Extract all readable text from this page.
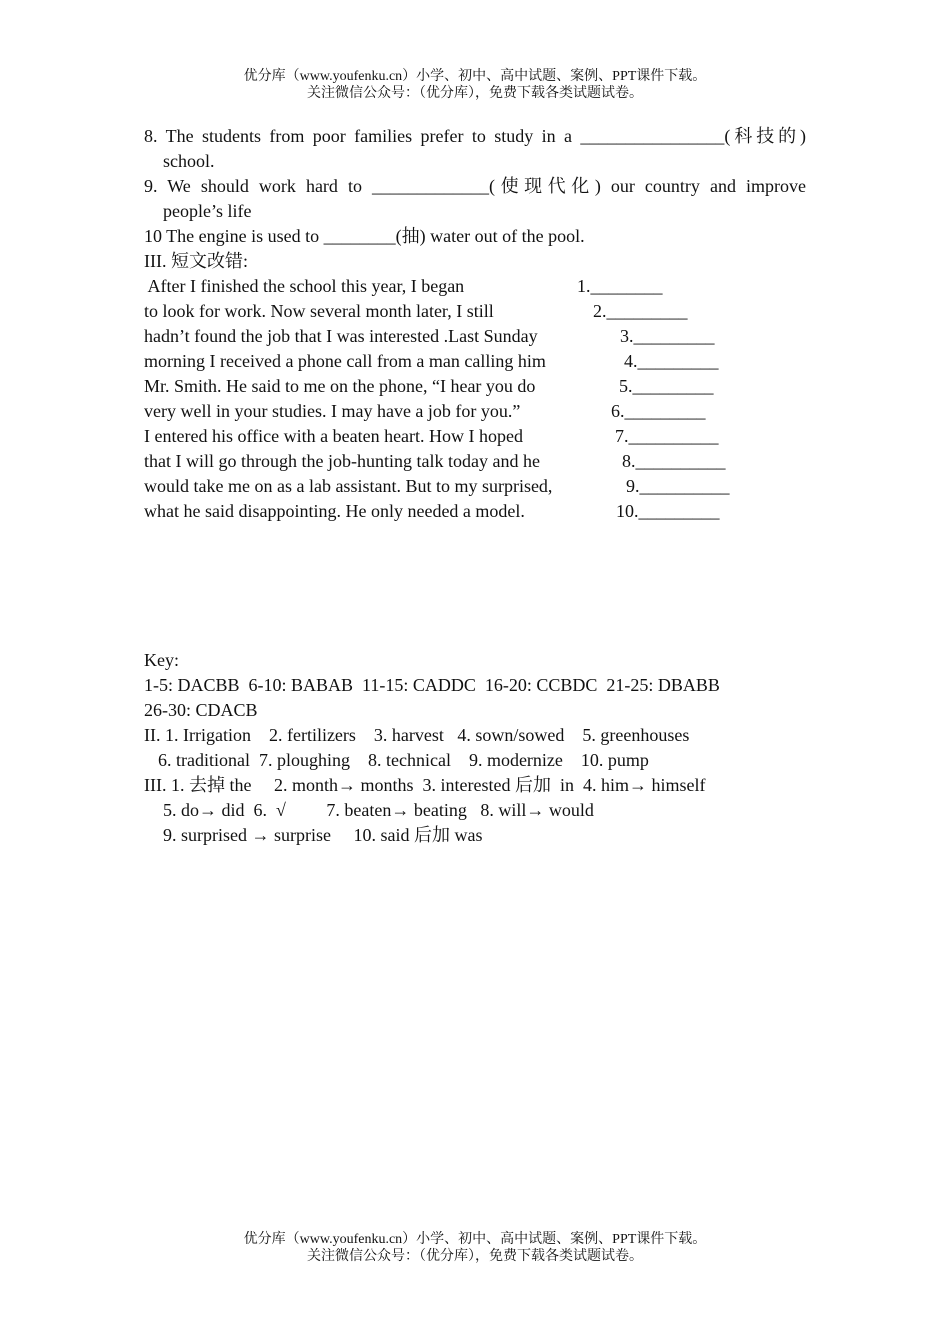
优分库（www.youfenku.cn）小学、初中、高中试题、案例、PPT课件下载。
关注微信公众号：（优分库），免费下载各类试题试卷。
8. The students from poor families prefer to study in a ________________(科技的)
school.
9. We should work hard to _____________(使现代化) our country and improve
people’s life
10 The engine is used to ________(抽) water out of the pool.
III. 短文改错:
After I finished the school this year, I began
to look for work. Now several month later, I still
hadn’t found the job that I was interested .Last Sunday
morning I received a phone call from a man calling him
Mr. Smith. He said to me on the phone, “I hear you do
very well in your studies. I may have a job for you.”
I entered his office with a beaten heart. How I hoped
that I will go through the job-hunting talk today and he
would take me on as a lab assistant. But to my surprised,
what he said disappointing. He only needed a model.
1.________
2._________
3._________
4._________
5._________
6._________
7.__________
8.__________
9.__________
10._________
Key:
1-5: DACBB  6-10: BABAB  11-15: CADDC  16-20: CCBDC  21-25: DBABB
26-30: CDACB
II. 1. Irrigation    2. fertilizers    3. harvest   4. sown/sowed    5. greenhouses
6. traditional  7. ploughing    8. technical    9. modernize    10. pump
III. 1. 去掉 the     2. month→ months  3. interested 后加  in  4. him→ himself
5. do→ did  6.  √         7. beaten→ beating   8. will→ would
9. surprised → surprise     10. said 后加 was
优分库（www.youfenku.cn）小学、初中、高中试题、案例、PPT课件下载。
关注微信公众号：（优分库），免费下载各类试题试卷。
